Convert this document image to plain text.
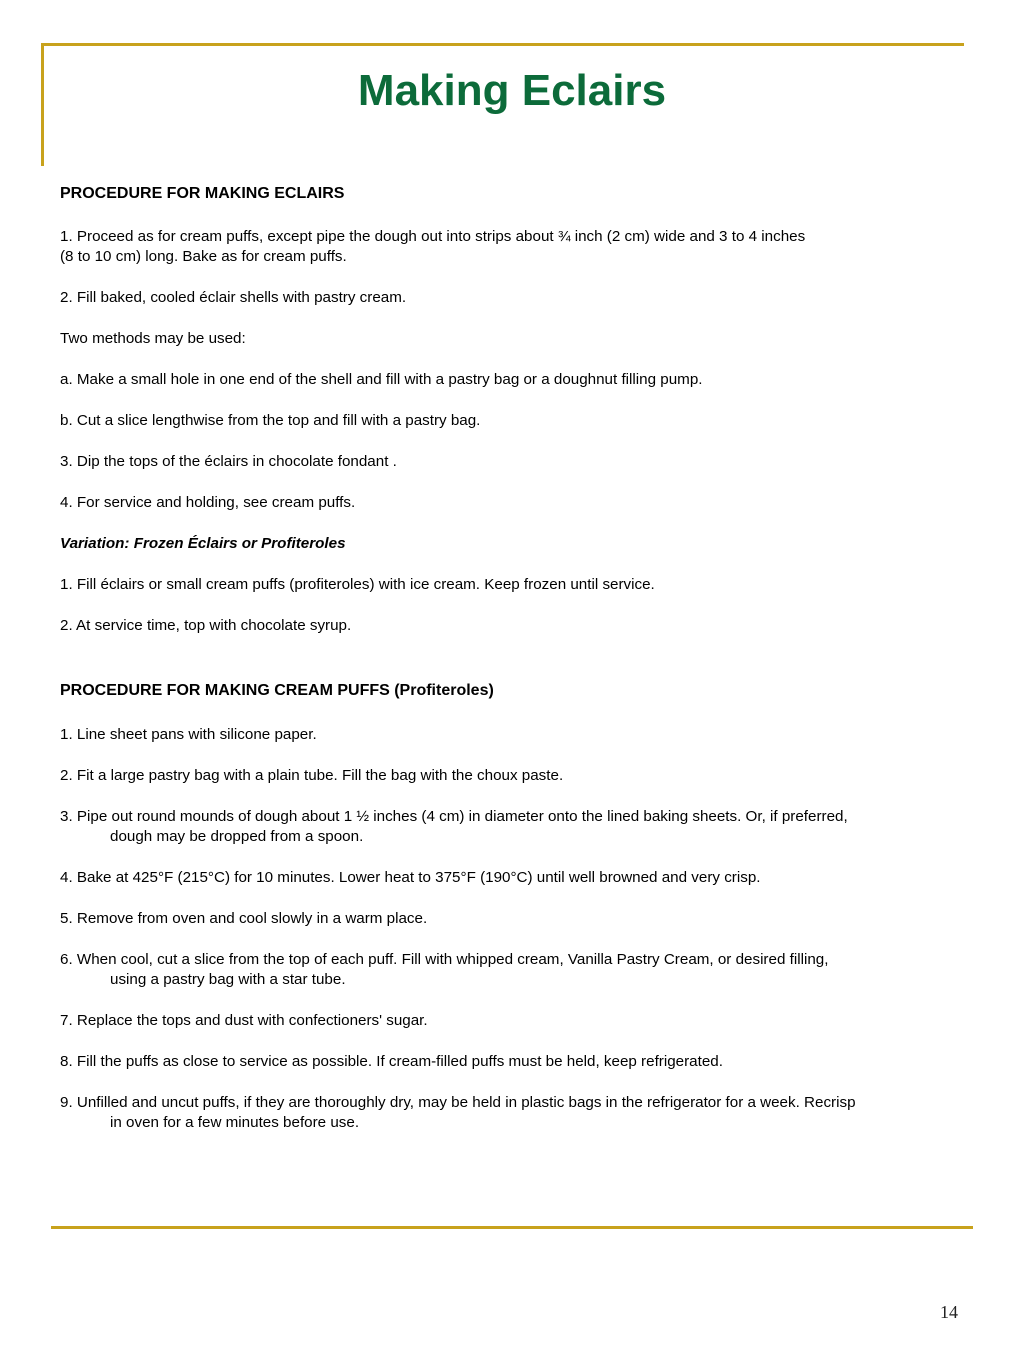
Making Eclairs

PROCEDURE FOR MAKING ECLAIRS

1. Proceed as for cream puffs, except pipe the dough out into strips about ¾ inch (2 cm) wide and 3 to 4 inches

(8 to 10 cm) long. Bake as for cream puffs.

2. Fill baked, cooled éclair shells with pastry cream.

Two methods may be used:

a. Make a small hole in one end of the shell and fill with a pastry bag or a doughnut filling pump.

b. Cut a slice lengthwise from the top and fill with a pastry bag.

3. Dip the tops of the éclairs in chocolate fondant .

4. For service and holding, see cream puffs.

Variation: Frozen Éclairs or Profiteroles

1. Fill éclairs or small cream puffs (profiteroles) with ice cream. Keep frozen until service.

2. At service time, top with chocolate syrup.

PROCEDURE FOR MAKING CREAM PUFFS (Profiteroles)

1. Line sheet pans with silicone paper.

2. Fit a large pastry bag with a plain tube. Fill the bag with the choux paste.

3. Pipe out round mounds of dough about 1 ½ inches (4 cm) in diameter onto the lined baking sheets. Or, if preferred,

dough may be dropped from a spoon.

4. Bake at 425°F (215°C) for 10 minutes. Lower heat to 375°F (190°C) until well browned and very crisp.

5. Remove from oven and cool slowly in a warm place.

6. When cool, cut a slice from the top of each puff. Fill with whipped cream, Vanilla Pastry Cream, or desired filling,

using a pastry bag with a star tube.

7. Replace the tops and dust with confectioners' sugar.

8. Fill the puffs as close to service as possible. If cream-filled puffs must be held, keep refrigerated.

9. Unfilled and uncut puffs, if they are thoroughly dry, may be held in plastic bags in the refrigerator for a week. Recrisp

in oven for a few minutes before use.

14
